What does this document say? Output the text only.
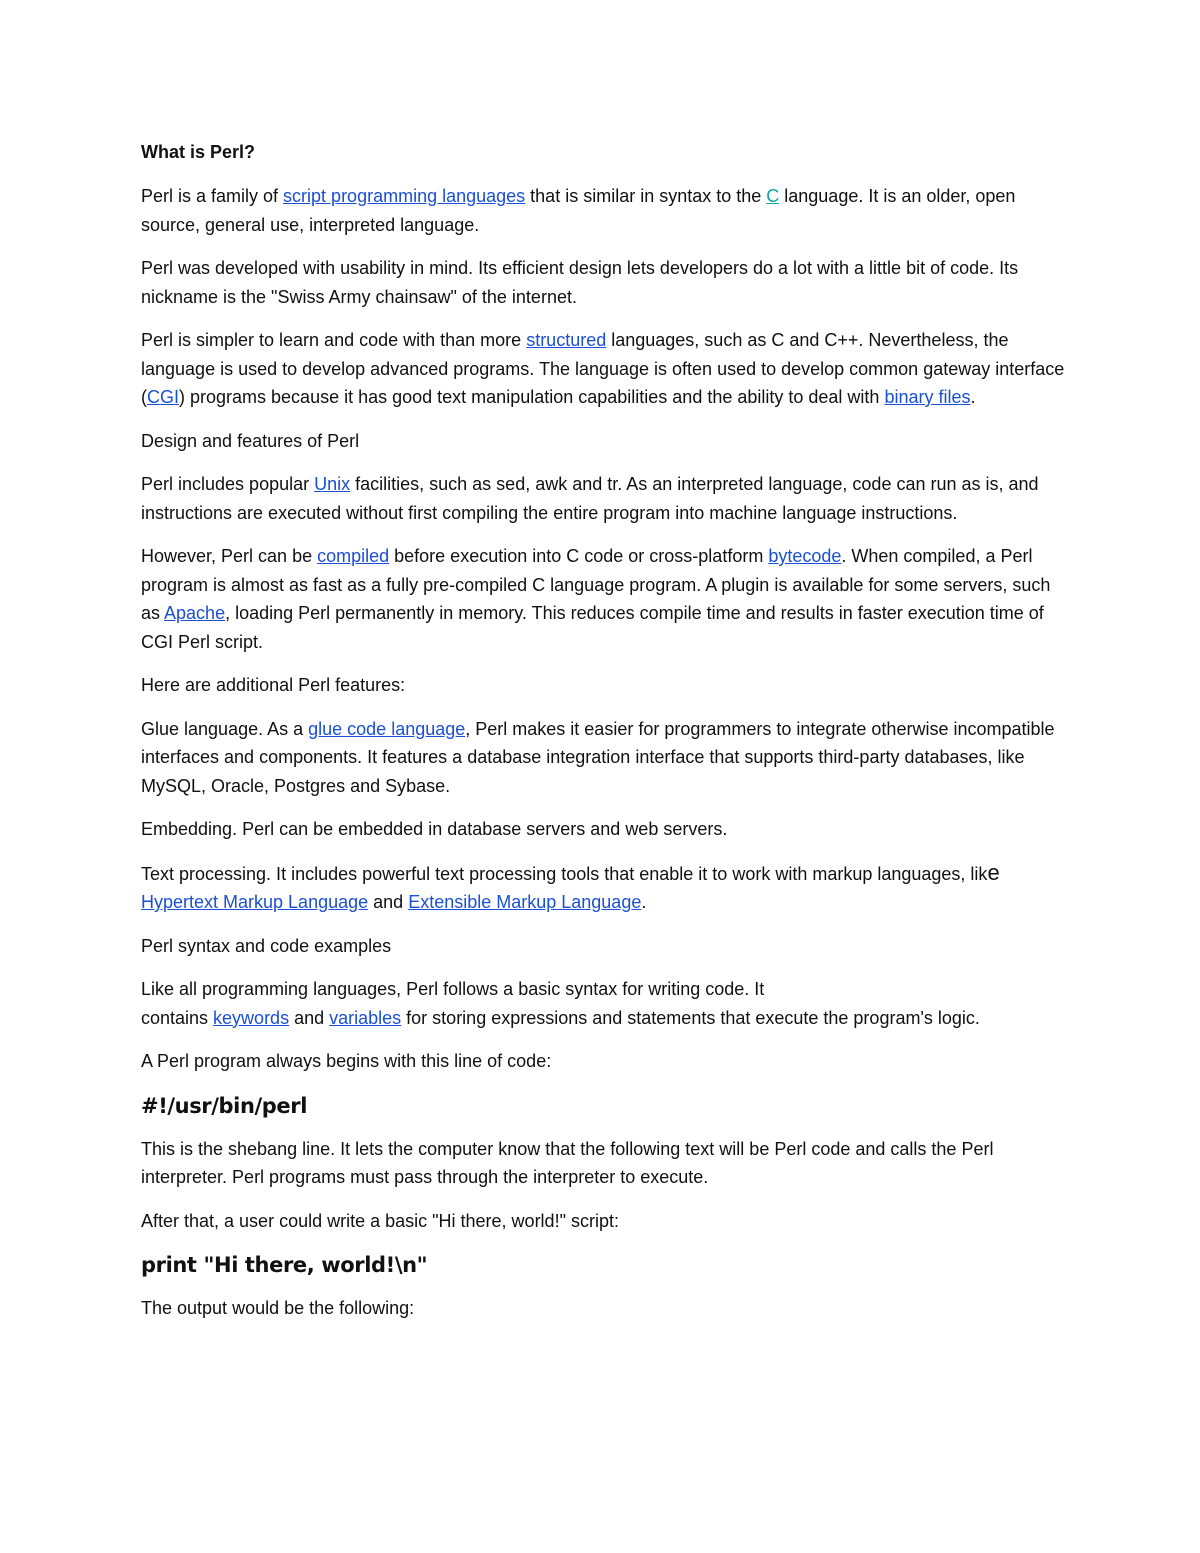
What is Perl?

Perl is a family of script programming languages that is similar in syntax to the C language. It is an older, open source, general use, interpreted language.

Perl was developed with usability in mind. Its efficient design lets developers do a lot with a little bit of code. Its nickname is the "Swiss Army chainsaw" of the internet.

Perl is simpler to learn and code with than more structured languages, such as C and C++. Nevertheless, the language is used to develop advanced programs. The language is often used to develop common gateway interface (CGI) programs because it has good text manipulation capabilities and the ability to deal with binary files.

Design and features of Perl

Perl includes popular Unix facilities, such as sed, awk and tr. As an interpreted language, code can run as is, and instructions are executed without first compiling the entire program into machine language instructions.

However, Perl can be compiled before execution into C code or cross-platform bytecode. When compiled, a Perl program is almost as fast as a fully pre-compiled C language program. A plugin is available for some servers, such as Apache, loading Perl permanently in memory. This reduces compile time and results in faster execution time of CGI Perl script.

Here are additional Perl features:

Glue language. As a glue code language, Perl makes it easier for programmers to integrate otherwise incompatible interfaces and components. It features a database integration interface that supports third-party databases, like MySQL, Oracle, Postgres and Sybase.

Embedding. Perl can be embedded in database servers and web servers.

Text processing. It includes powerful text processing tools that enable it to work with markup languages, like Hypertext Markup Language and Extensible Markup Language.

Perl syntax and code examples

Like all programming languages, Perl follows a basic syntax for writing code. It
contains keywords and variables for storing expressions and statements that execute the program's logic.

A Perl program always begins with this line of code:

#!/usr/bin/perl

This is the shebang line. It lets the computer know that the following text will be Perl code and calls the Perl interpreter. Perl programs must pass through the interpreter to execute.

After that, a user could write a basic "Hi there, world!" script:

print "Hi there, world!\n"

The output would be the following:
